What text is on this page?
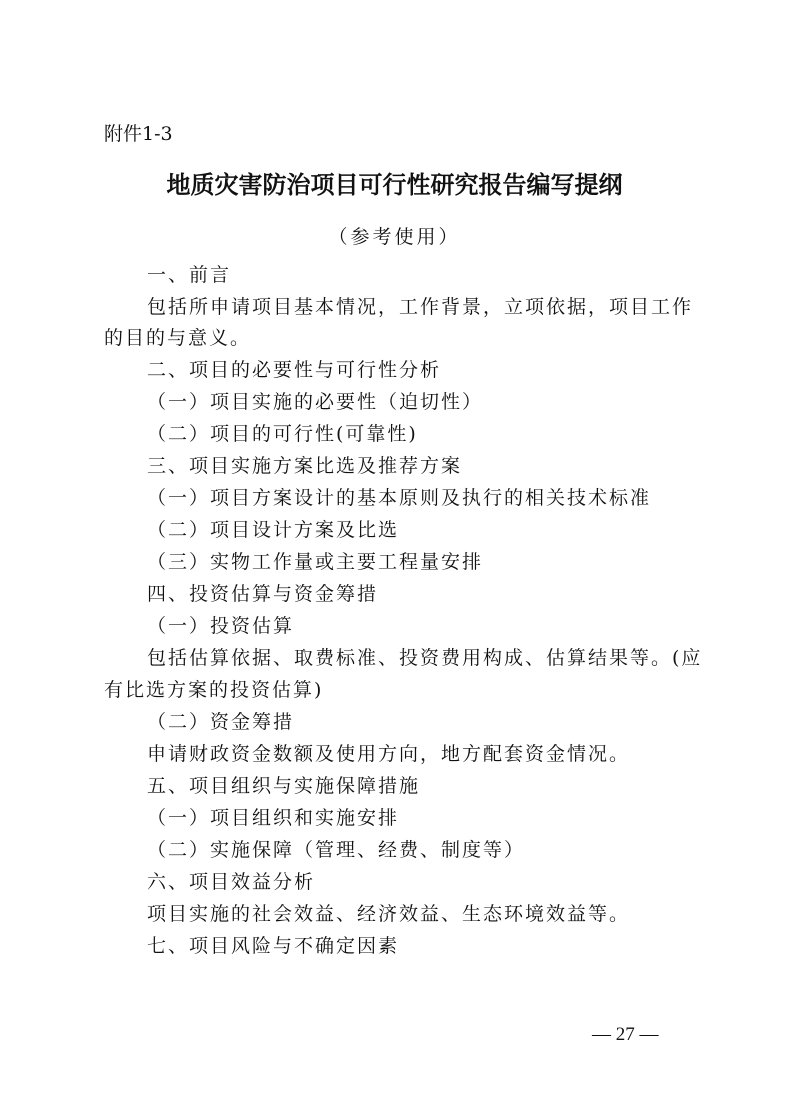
附件1-3
地质灾害防治项目可行性研究报告编写提纲
（参考使用）
一、前言
包括所申请项目基本情况，工作背景，立项依据，项目工作
的目的与意义。
二、项目的必要性与可行性分析
（一）项目实施的必要性（迫切性）
（二）项目的可行性(可靠性)
三、项目实施方案比选及推荐方案
（一）项目方案设计的基本原则及执行的相关技术标准
（二）项目设计方案及比选
（三）实物工作量或主要工程量安排
四、投资估算与资金筹措
（一）投资估算
包括估算依据、取费标准、投资费用构成、估算结果等。(应
有比选方案的投资估算)
（二）资金筹措
申请财政资金数额及使用方向，地方配套资金情况。
五、项目组织与实施保障措施
（一）项目组织和实施安排
（二）实施保障（管理、经费、制度等）
六、项目效益分析
项目实施的社会效益、经济效益、生态环境效益等。
七、项目风险与不确定因素
— 27 —
